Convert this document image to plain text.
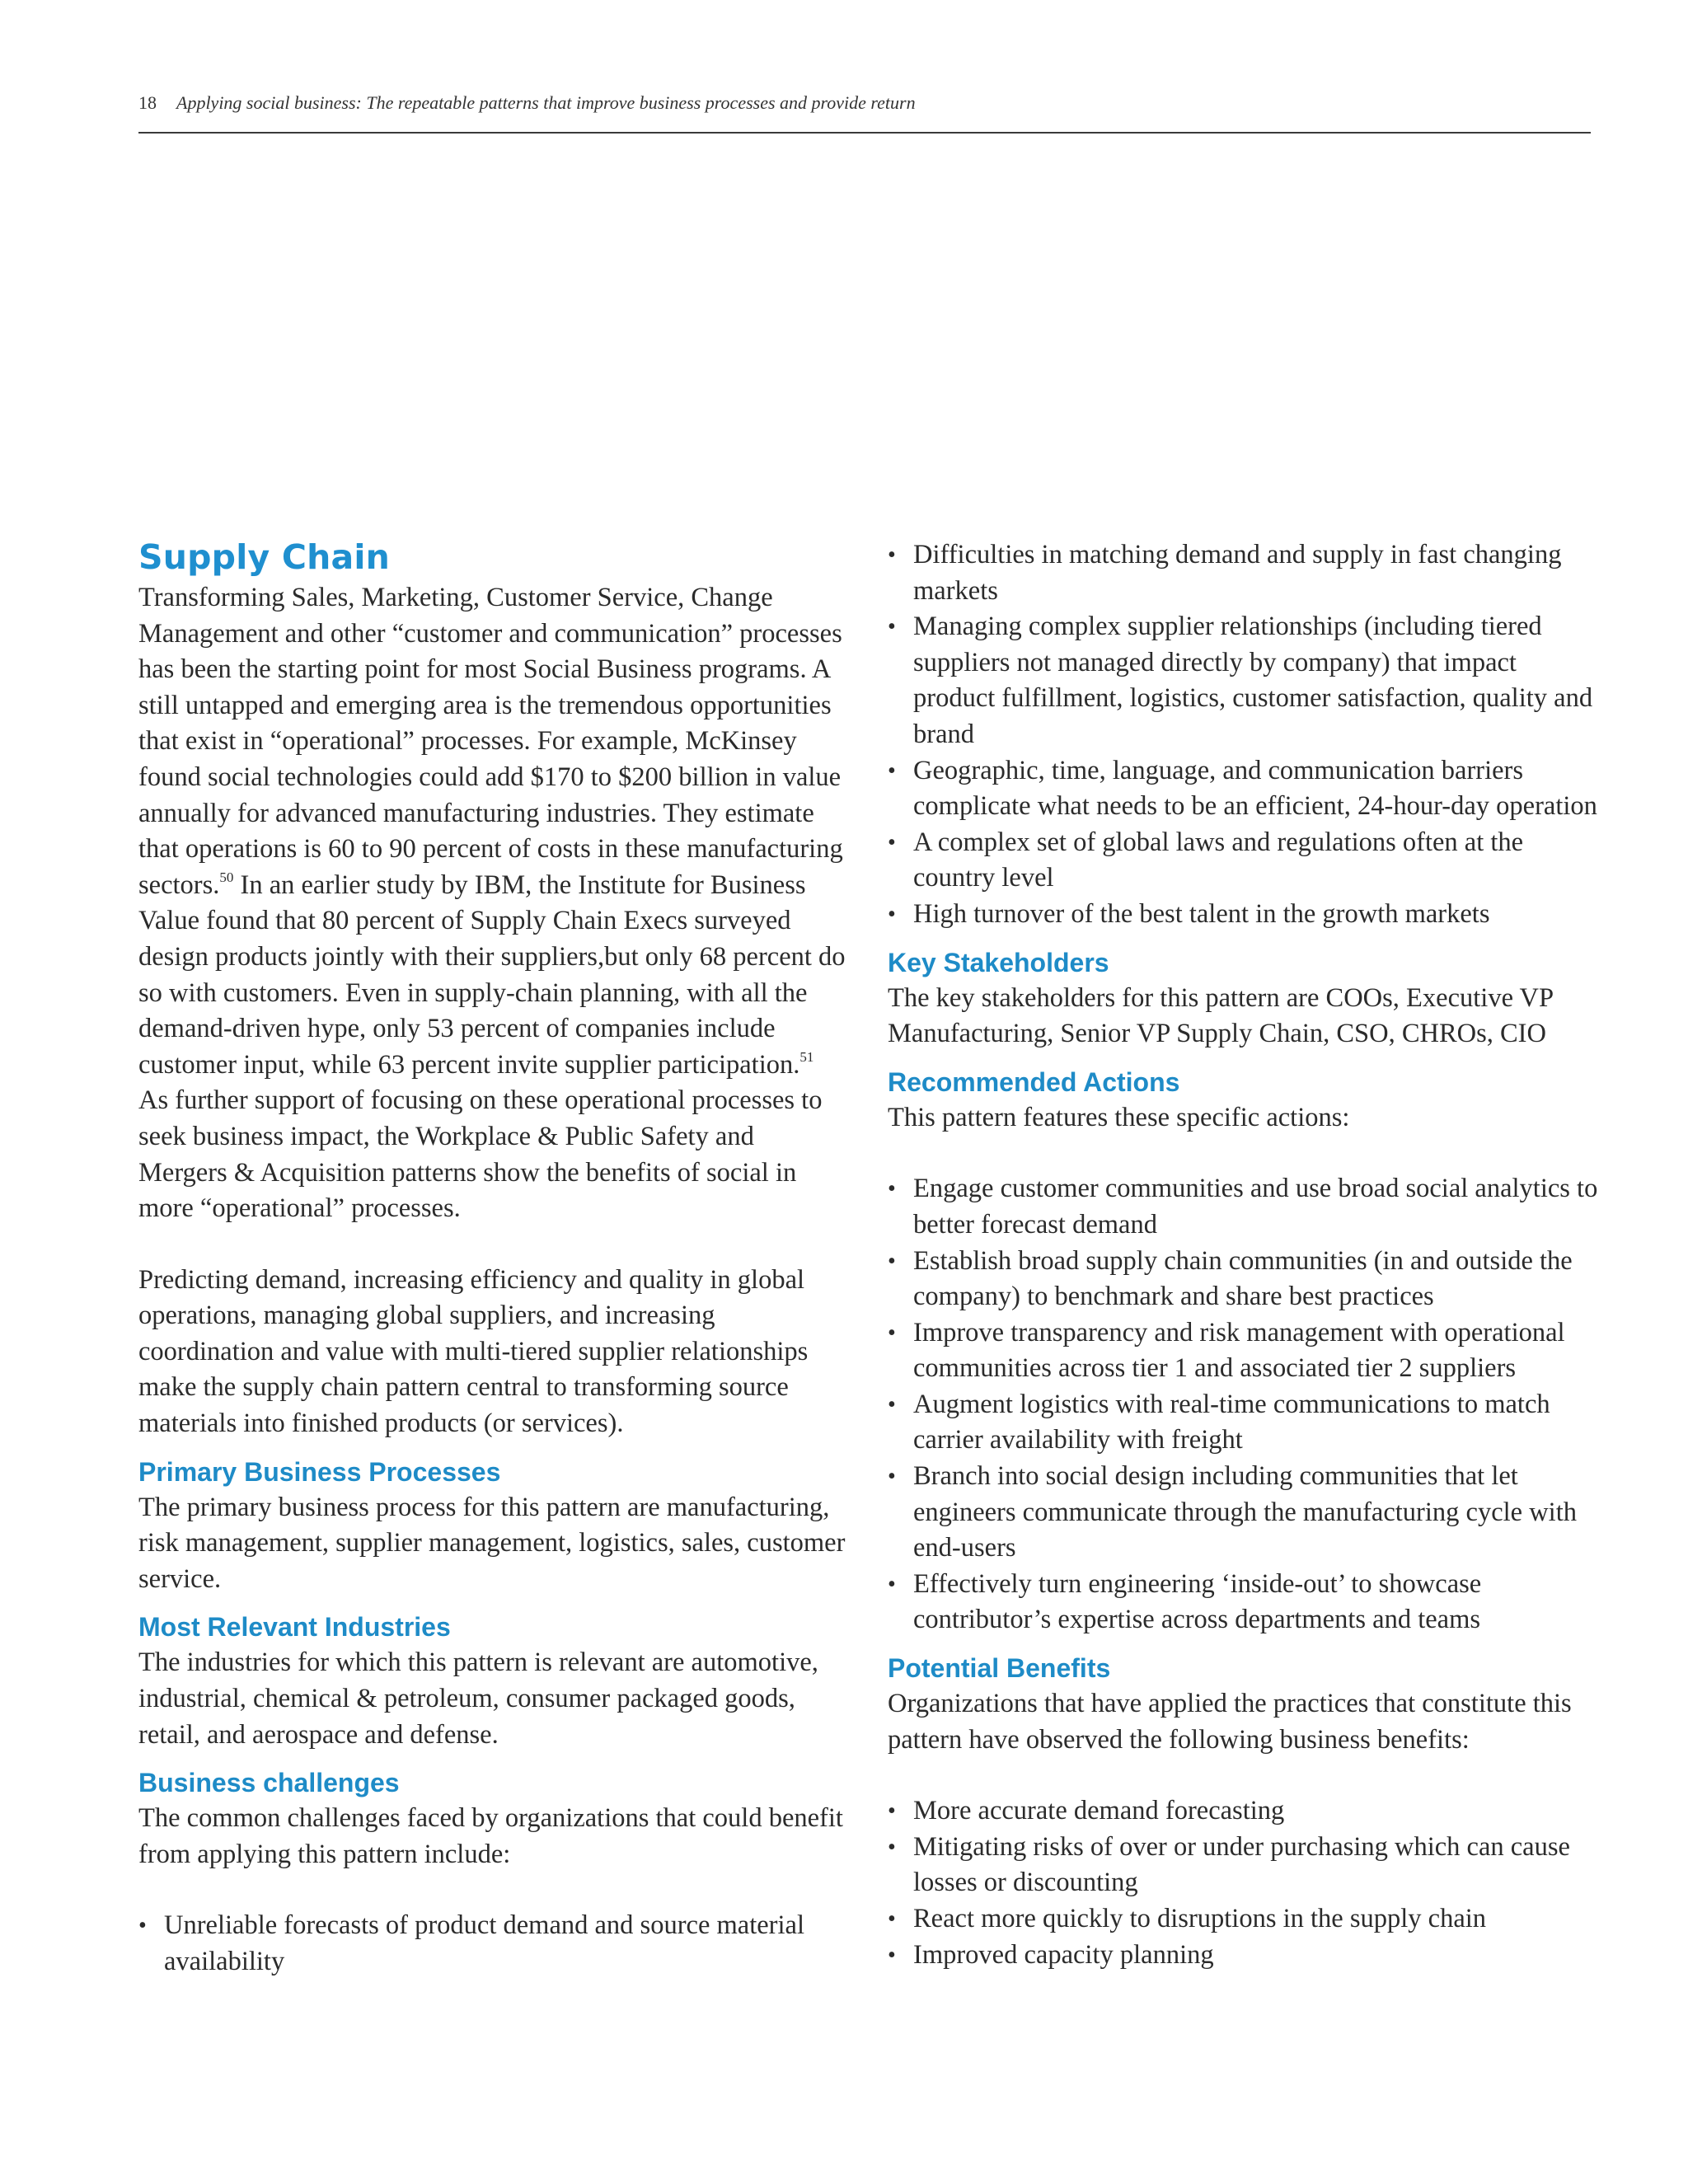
18 Applying social business: The repeatable patterns that improve business processes and provide return
Supply Chain

Transforming Sales, Marketing, Customer Service, Change Management and other “customer and communication” processes has been the starting point for most Social Business programs. A still untapped and emerging area is the tremendous opportunities that exist in “operational” processes. For example, McKinsey found social technologies could add $170 to $200 billion in value annually for advanced manufacturing industries. They estimate that operations is 60 to 90 percent of costs in these manufacturing sectors.$^{50}$ In an earlier study by IBM, the Institute for Business Value found that 80 percent of Supply Chain Execs surveyed design products jointly with their suppliers,but only 68 percent do so with customers. Even in supply-chain planning, with all the demand-driven hype, only 53 percent of companies include customer input, while 63 percent invite supplier participation.$^{51}$ As further support of focusing on these operational processes to seek business impact, the Workplace & Public Safety and Mergers & Acquisition patterns show the benefits of social in more “operational” processes.

Predicting demand, increasing efficiency and quality in global operations, managing global suppliers, and increasing coordination and value with multi-tiered supplier relationships make the supply chain pattern central to transforming source materials into finished products (or services).

Primary Business Processes

The primary business process for this pattern are manufacturing, risk management, supplier management, logistics, sales, customer service.

Most Relevant Industries

The industries for which this pattern is relevant are automotive, industrial, chemical & petroleum, consumer packaged goods, retail, and aerospace and defense.

Business challenges

The common challenges faced by organizations that could benefit from applying this pattern include:

• Unreliable forecasts of product demand and source material availability
• Difficulties in matching demand and supply in fast changing markets
• Managing complex supplier relationships (including tiered suppliers not managed directly by company) that impact product fulfillment, logistics, customer satisfaction, quality and brand
• Geographic, time, language, and communication barriers complicate what needs to be an efficient, 24-hour-day operation
• A complex set of global laws and regulations often at the country level
• High turnover of the best talent in the growth markets
Key Stakeholders

The key stakeholders for this pattern are COOs, Executive VP Manufacturing, Senior VP Supply Chain, CSO, CHROs, CIO

Recommended Actions

This pattern features these specific actions:

• Engage customer communities and use broad social analytics to better forecast demand
• Establish broad supply chain communities (in and outside the company) to benchmark and share best practices
• Improve transparency and risk management with operational communities across tier 1 and associated tier 2 suppliers
• Augment logistics with real-time communications to match carrier availability with freight
• Branch into social design including communities that let engineers communicate through the manufacturing cycle with end-users
• Effectively turn engineering ‘inside-out’ to showcase contributor’s expertise across departments and teams
Potential Benefits

Organizations that have applied the practices that constitute this pattern have observed the following business benefits:

• More accurate demand forecasting
• Mitigating risks of over or under purchasing which can cause losses or discounting
• React more quickly to disruptions in the supply chain
• Improved capacity planning
